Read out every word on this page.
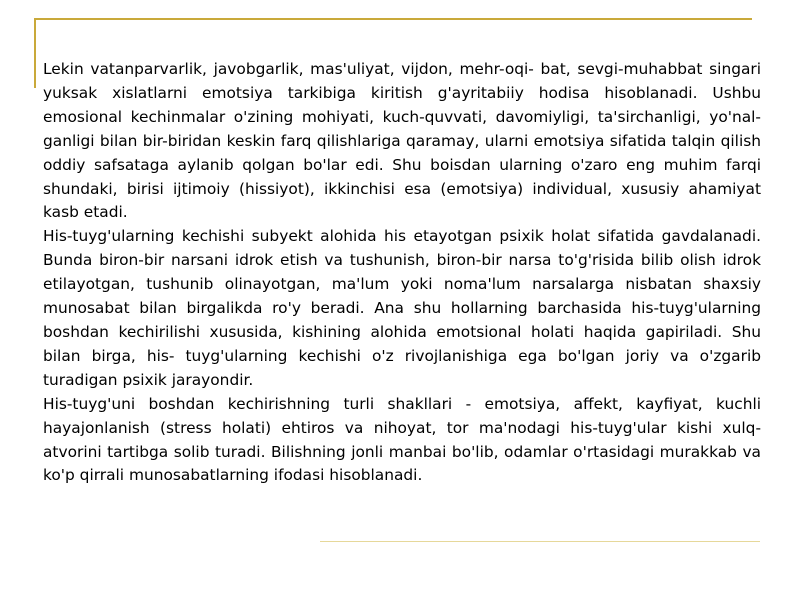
Lekin vatanparvarlik, javobgarlik, mas'uliyat, vijdon, mehr-oqi- bat, sevgi-muhabbat singari yuksak xislatlarni emotsiya tarkibiga kiritish g'ayritabiiy hodisa hisoblanadi. Ushbu emosional kechinmalar o'zining mohiyati, kuch-quvvati, davomiyligi, ta'sirchanligi, yo'nal- ganligi bilan bir-biridan keskin farq qilishlariga qaramay, ularni emotsiya sifatida talqin qilish oddiy safsataga aylanib qolgan bo'lar edi. Shu boisdan ularning o'zaro eng muhim farqi shundaki, birisi ijtimoiy (hissiyot), ikkinchisi esa (emotsiya) individual, xususiy ahamiyat kasb etadi.

His-tuyg'ularning kechishi subyekt alohida his etayotgan psixik holat sifatida gavdalanadi. Bunda biron-bir narsani idrok etish va tushunish, biron-bir narsa to'g'risida bilib olish idrok etilayotgan, tushunib olinayotgan, ma'lum yoki noma'lum narsalarga nisbatan shaxsiy munosabat bilan birgalikda ro'y beradi. Ana shu hollarning barchasida his-tuyg'ularning boshdan kechirilishi xususida, kishining alohida emotsional holati haqida gapiriladi. Shu bilan birga, his- tuyg'ularning kechishi o'z rivojlanishiga ega bo'lgan joriy va o'zgarib turadigan psixik jarayondir.

His-tuyg'uni boshdan kechirishning turli shakllari - emotsiya, affekt, kayfiyat, kuchli hayajonlanish (stress holati) ehtiros va nihoyat, tor ma'nodagi his-tuyg'ular kishi xulq-atvorini tartibga solib turadi. Bilishning jonli manbai bo'lib, odamlar o'rtasidagi murakkab va ko'p qirrali munosabatlarning ifodasi hisoblanadi.
